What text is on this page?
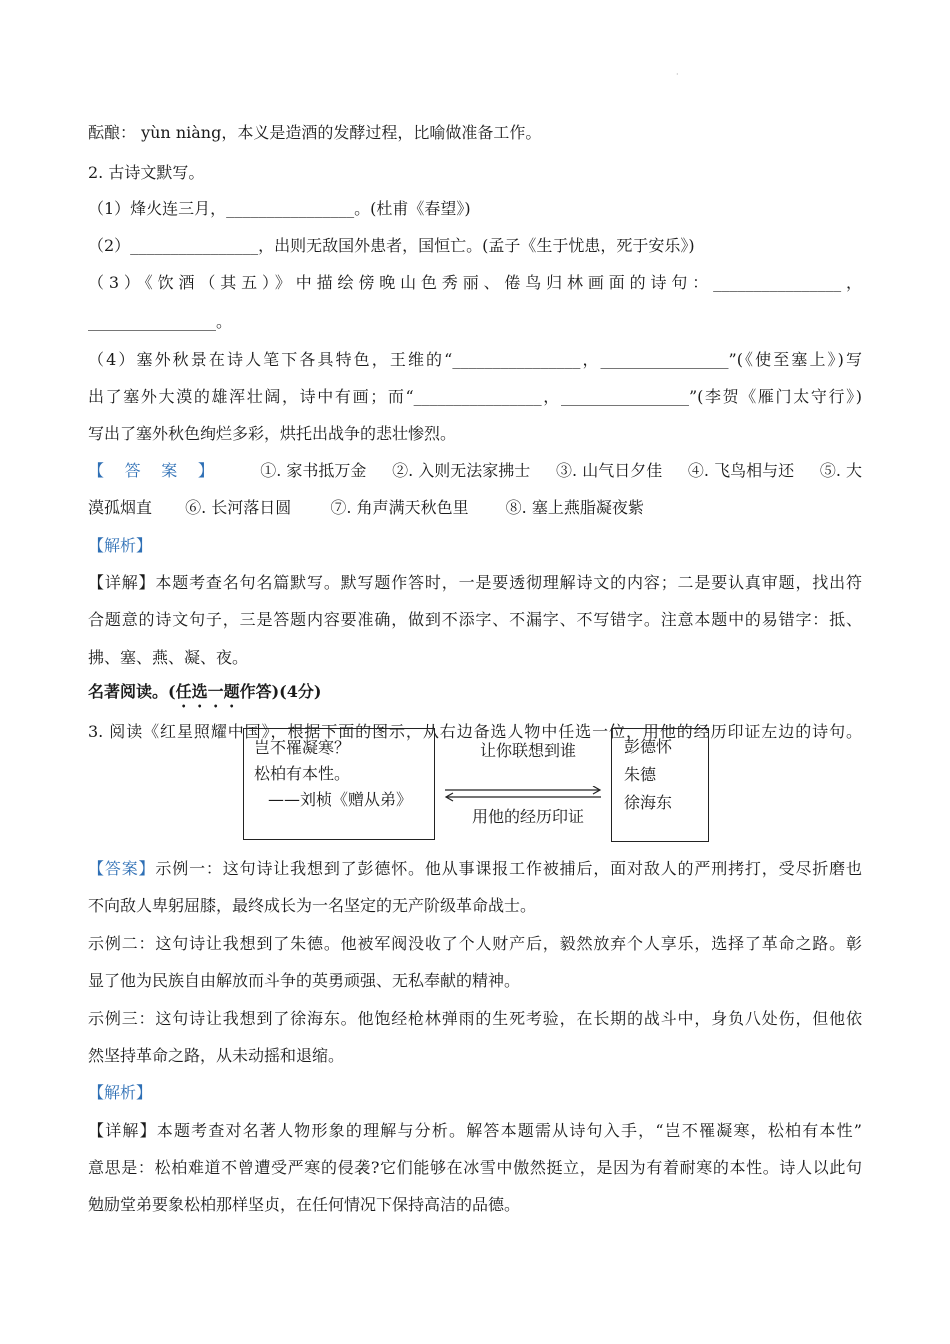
·
酝酿： yùn niàng，本义是造酒的发酵过程，比喻做准备工作。
2. 古诗文默写。
（1）烽火连三月，________________。(杜甫《春望》)
（2）________________，出则无敌国外患者，国恒亡。(孟子《生于忧患，死于安乐》)
（3）《饮酒（其五）》中描绘傍晚山色秀丽、倦鸟归林画面的诗句：________________，
________________。
（4）塞外秋景在诗人笔下各具特色，王维的“________________，________________”(《使至塞上》)写
出了塞外大漠的雄浑壮阔，诗中有画；而“________________，________________”(李贺《雁门太守行》)
写出了塞外秋色绚烂多彩，烘托出战争的悲壮惨烈。
【答案】 ①. 家书抵万金 ②. 入则无法家拂士 ③. 山气日夕佳 ④. 飞鸟相与还 ⑤. 大
漠孤烟直 ⑥. 长河落日圆 ⑦. 角声满天秋色里 ⑧. 塞上燕脂凝夜紫
【解析】
【详解】本题考查名句名篇默写。默写题作答时，一是要透彻理解诗文的内容；二是要认真审题，找出符
合题意的诗文句子，三是答题内容要准确，做到不添字、不漏字、不写错字。注意本题中的易错字：抵、
拂、塞、燕、凝、夜。
名著阅读。(任选一题作答)(4分)
3. 阅读《红星照耀中国》，根据下面的图示，从右边备选人物中任选一位，用他的经历印证左边的诗句。
岂不罹凝寒？
松柏有本性。
——刘桢《赠从弟》
让你联想到谁
用他的经历印证
彭德怀
朱德
徐海东
【答案】示例一：这句诗让我想到了彭德怀。他从事课报工作被捕后，面对敌人的严刑拷打，受尽折磨也
不向敌人卑躬屈膝，最终成长为一名坚定的无产阶级革命战士。
示例二：这句诗让我想到了朱德。他被军阀没收了个人财产后，毅然放弃个人享乐，选择了革命之路。彰
显了他为民族自由解放而斗争的英勇顽强、无私奉献的精神。
示例三：这句诗让我想到了徐海东。他饱经枪林弹雨的生死考验，在长期的战斗中，身负八处伤，但他依
然坚持革命之路，从未动摇和退缩。
【解析】
【详解】本题考查对名著人物形象的理解与分析。解答本题需从诗句入手，“岂不罹凝寒，松柏有本性”
意思是：松柏难道不曾遭受严寒的侵袭?它们能够在冰雪中傲然挺立，是因为有着耐寒的本性。诗人以此句
勉励堂弟要象松柏那样坚贞，在任何情况下保持高洁的品德。
